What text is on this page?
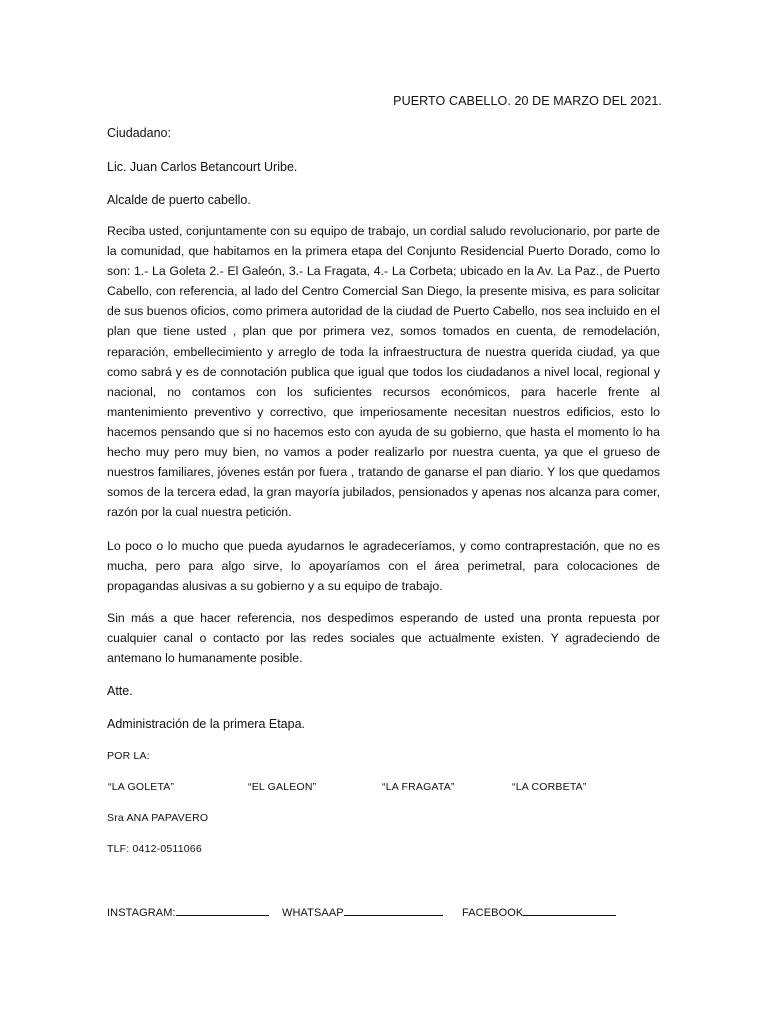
PUERTO CABELLO. 20 DE MARZO DEL 2021.
Ciudadano:
Lic. Juan Carlos Betancourt Uribe.
Alcalde de puerto cabello.

Reciba usted, conjuntamente con su equipo de trabajo, un cordial saludo revolucionario, por parte de la comunidad, que habitamos en la primera etapa del Conjunto Residencial Puerto Dorado, como lo son: 1.- La Goleta 2.- El Galeón, 3.- La Fragata, 4.- La Corbeta; ubicado en la Av. La Paz., de Puerto Cabello, con referencia, al lado del Centro Comercial San Diego, la presente misiva, es para solicitar de sus buenos oficios, como primera autoridad de la ciudad de Puerto Cabello, nos sea incluido en el plan que tiene usted , plan que por primera vez, somos tomados en cuenta, de remodelación, reparación, embellecimiento y arreglo de toda la infraestructura de nuestra querida ciudad, ya que como sabrá y es de connotación publica que igual que todos los ciudadanos a nivel local, regional y nacional, no contamos con los suficientes recursos económicos, para hacerle frente al mantenimiento preventivo y correctivo, que imperiosamente necesitan nuestros edificios, esto lo hacemos pensando que si no hacemos esto con ayuda de su gobierno, que hasta el momento lo ha hecho muy pero muy bien, no vamos a poder realizarlo por nuestra cuenta, ya que el grueso de nuestros familiares, jóvenes están por fuera , tratando de ganarse el pan diario. Y los que quedamos somos de la tercera edad, la gran mayoría jubilados, pensionados y apenas nos alcanza para comer, razón por la cual nuestra petición.

Lo poco o lo mucho que pueda ayudarnos le agradeceríamos, y como contraprestación, que no es mucha, pero para algo sirve, lo apoyaríamos con el área perimetral, para colocaciones de propagandas alusivas a su gobierno y a su equipo de trabajo.

Sin más a que hacer referencia, nos despedimos esperando de usted una pronta repuesta por cualquier canal o contacto por las redes sociales que actualmente existen. Y agradeciendo de antemano lo humanamente posible.

Atte.
Administración de la primera Etapa.
POR LA:
“LA GOLETA”	“EL GALEON”	“LA FRAGATA”	“LA CORBETA”
Sra ANA PAPAVERO
TLF: 0412-0511066
INSTAGRAM:	WHATSAAP	FACEBOOK
